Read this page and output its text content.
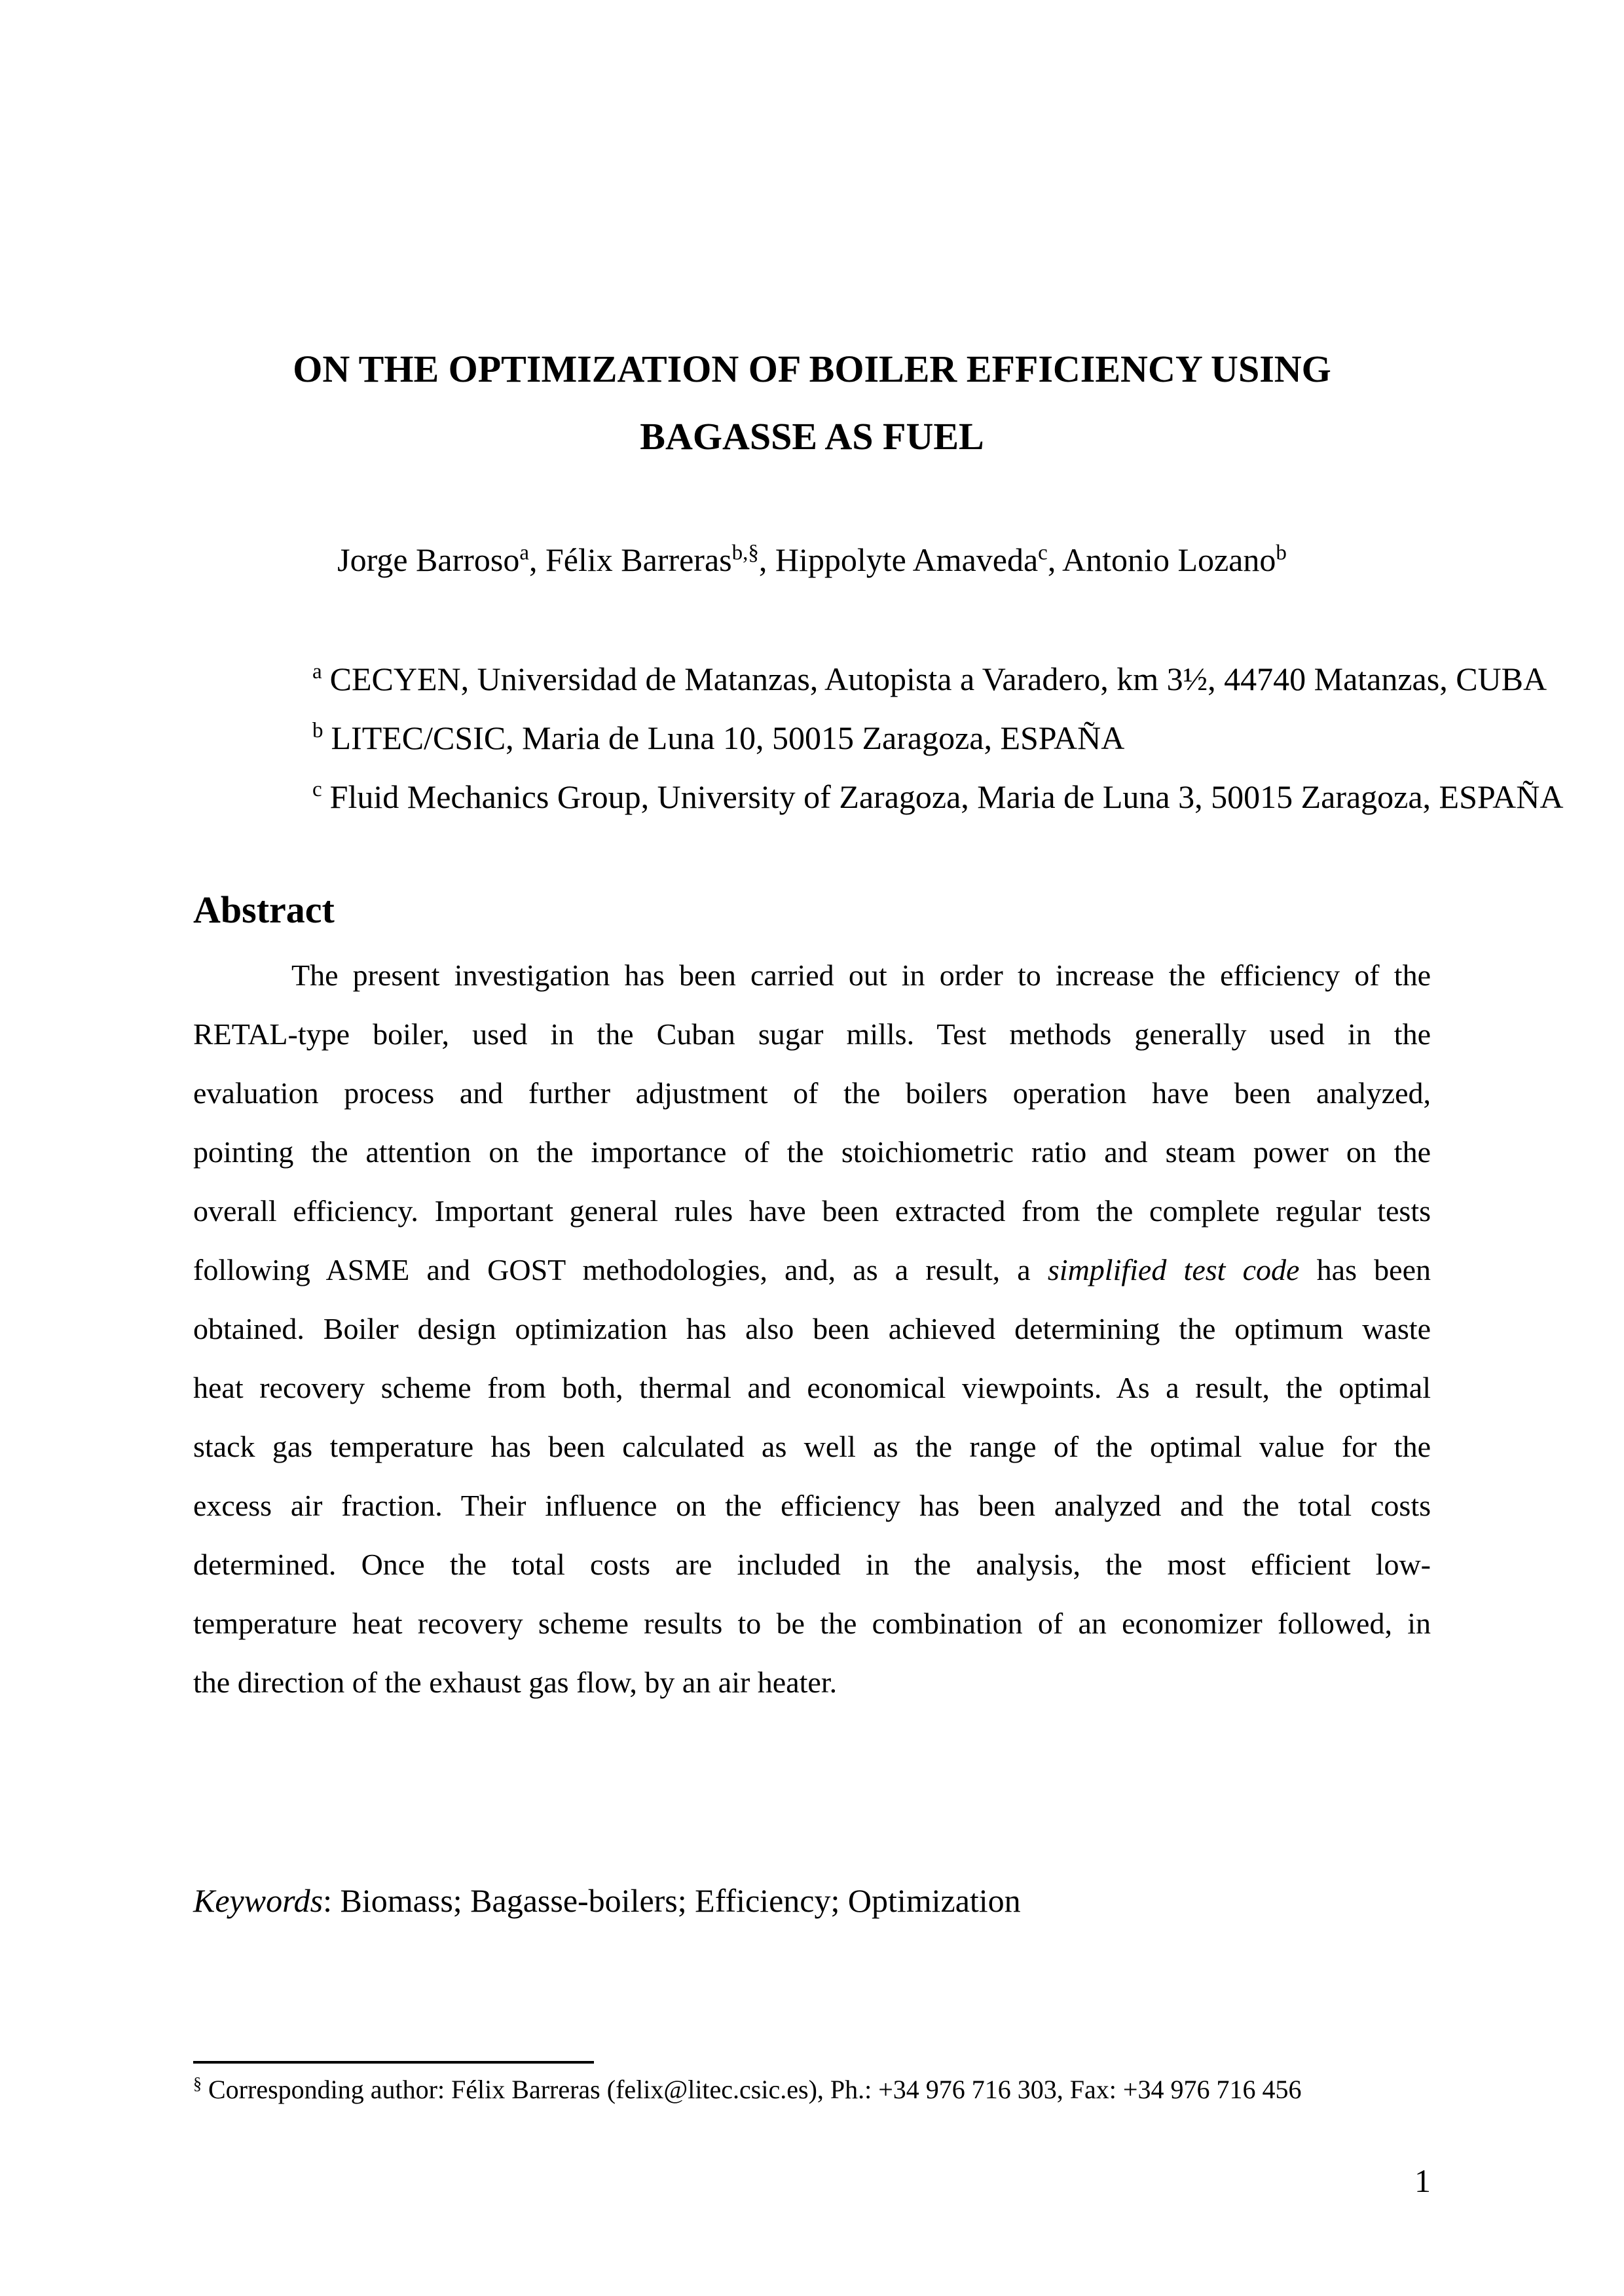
ON THE OPTIMIZATION OF BOILER EFFICIENCY USING
BAGASSE AS FUEL
Jorge Barroso$^a$, Félix Barreras$^{b,\S}$, Hippolyte Amaveda$^c$, Antonio Lozano$^b$
$^a$ CECYEN, Universidad de Matanzas, Autopista a Varadero, km 3½, 44740 Matanzas, CUBA
$^b$ LITEC/CSIC, Maria de Luna 10, 50015 Zaragoza, ESPAÑA
$^c$ Fluid Mechanics Group, University of Zaragoza, Maria de Luna 3, 50015 Zaragoza, ESPAÑA
Abstract
The present investigation has been carried out in order to increase the efficiency of the
RETAL-type boiler, used in the Cuban sugar mills. Test methods generally used in the
evaluation process and further adjustment of the boilers operation have been analyzed,
pointing the attention on the importance of the stoichiometric ratio and steam power on the
overall efficiency. Important general rules have been extracted from the complete regular tests
following ASME and GOST methodologies, and, as a result, a simplified test code has been
obtained. Boiler design optimization has also been achieved determining the optimum waste
heat recovery scheme from both, thermal and economical viewpoints. As a result, the optimal
stack gas temperature has been calculated as well as the range of the optimal value for the
excess air fraction. Their influence on the efficiency has been analyzed and the total costs
determined. Once the total costs are included in the analysis, the most efficient low-
temperature heat recovery scheme results to be the combination of an economizer followed, in
the direction of the exhaust gas flow, by an air heater.
Keywords: Biomass; Bagasse-boilers; Efficiency; Optimization
§ Corresponding author: Félix Barreras (felix@litec.csic.es), Ph.: +34 976 716 303, Fax: +34 976 716 456
1
